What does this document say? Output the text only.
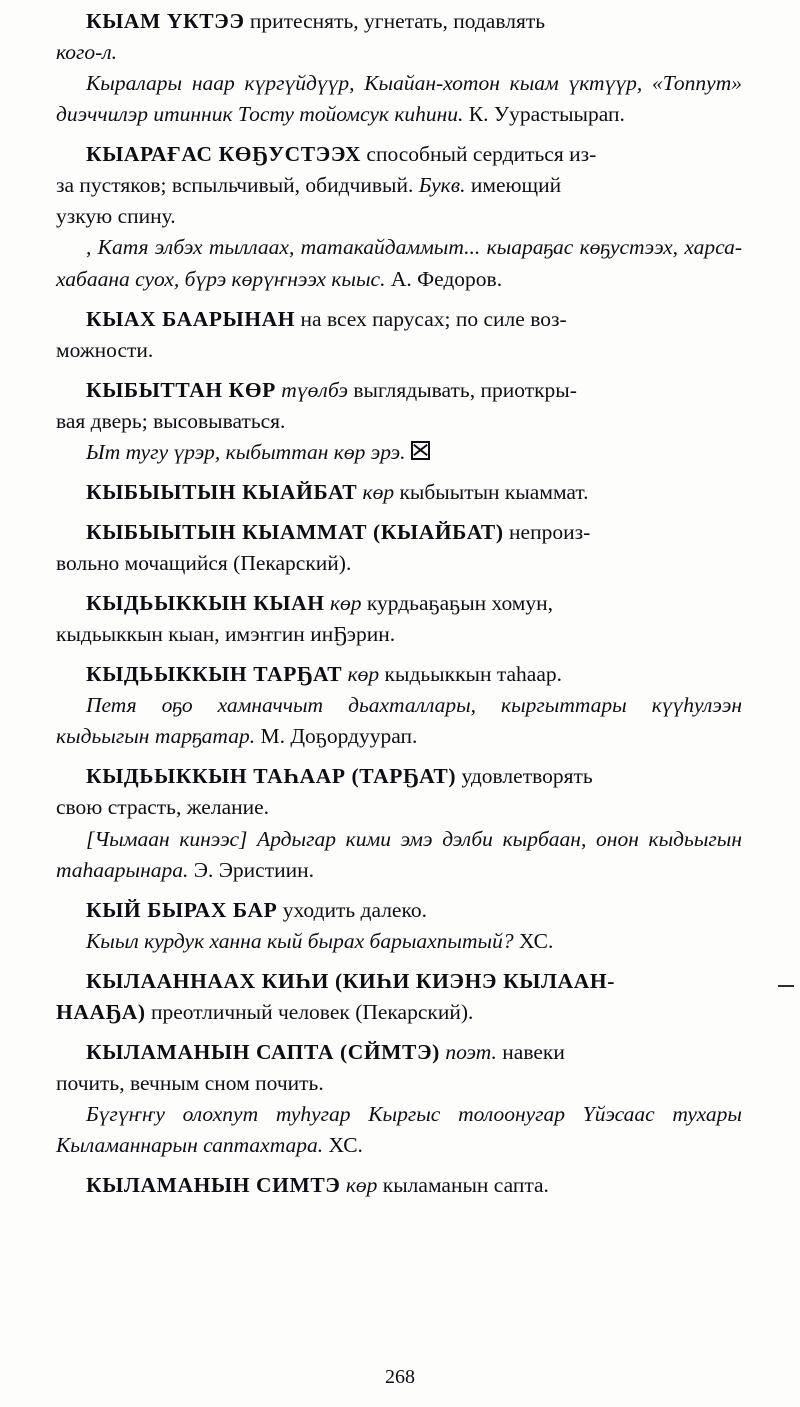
КЫАМ ҮКТЭЭ притеснять, угнетать, подавлять
кого-л.
Кыралары наар күргүйдүүр, Кыайан-хотон кыам үктүүр, «Топпут» диэччилэр итинник Тосту тойомсук киһини. К. Уурастыырап.
КЫАРАҒАС КӨҔУСТЭЭХ способный сердиться из-
за пустяков; вспыльчивый, обидчивый. Букв. имеющий
узкую спину.
, Катя элбэх тыллаах, татакайдаммыт... кыараҕас көҕустээх, харса-хабаана суох, бүрэ көрүҥнээх кыыс. А. Федоров.
КЫАХ БААРЫНАН на всех парусах; по силе воз-
можности.
КЫБЫТТАН КӨР түөлбэ выглядывать, приоткры-
вая дверь; высовываться.
Ыт тугу үрэр, кыбыттан көр эрэ.
КЫБЫЫТЫН КЫАЙБАТ көр кыбыытын кыаммат.
КЫБЫЫТЫН КЫАММАТ (КЫАЙБАТ) непроиз-
вольно мочащийся (Пекарский).
КЫДЬЫККЫН КЫАН көр курдьаҕаҕын хомун,
кыдьыккын кыан, имэҥгин инҔэрин.
КЫДЬЫККЫН ТАРҔАТ көр кыдьыккын таһаар.
Петя оҕо хамначчыт дьахталлары, кыргыттары күүһулээн кыдьыгын тарҕатар. М. Доҕордуурап.
КЫДЬЫККЫН ТАҺААР (ТАРҔАТ) удовлетворять
свою страсть, желание.
[Чымаан кинээс] Ардыгар кими эмэ дэлби кырбаан, онон кыдьыгын таһаарынара. Э. Эристиин.
КЫЙ БЫРАХ БАР уходить далеко.
Кыыл курдук ханна кый бырах барыахпытый? ХС.
КЫЛААННААХ КИҺИ (КИҺИ КИЭНЭ КЫЛААН-
НААҔА) преотличный человек (Пекарский).
КЫЛАМАНЫН САПТА (СЙМТЭ) поэт. навеки
почить, вечным сном почить.
Бүгүҥҥу олохпут туһугар Кыргыс толоонугар Үйэсаас тухары Кыламаннарын саптахтара. ХС.
КЫЛАМАНЫН СИМТЭ көр кыламанын сапта.
268
